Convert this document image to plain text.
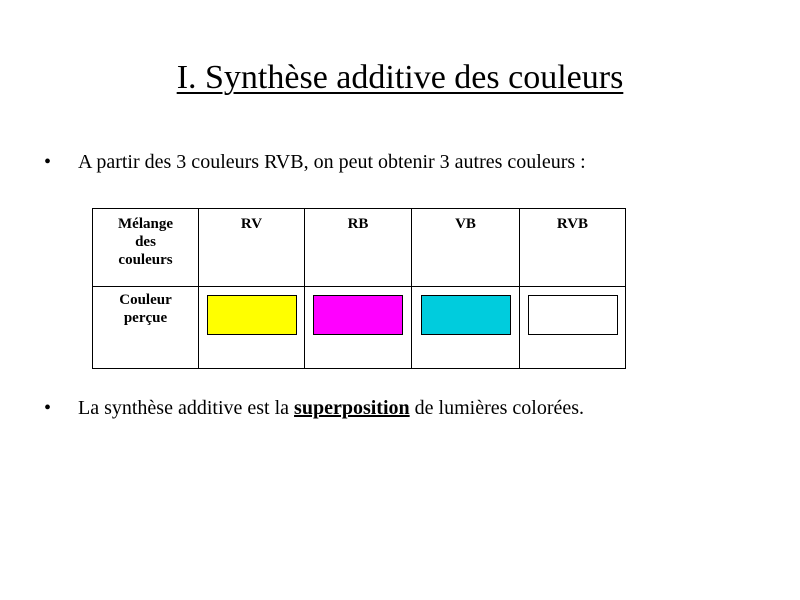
I. Synthèse additive des couleurs
• A partir des 3 couleurs RVB, on peut obtenir 3 autres couleurs :
Mélange
des
couleurs	RV	RB	VB	RVB

Couleur
perçue				

• La synthèse additive est la superposition de lumières colorées.
